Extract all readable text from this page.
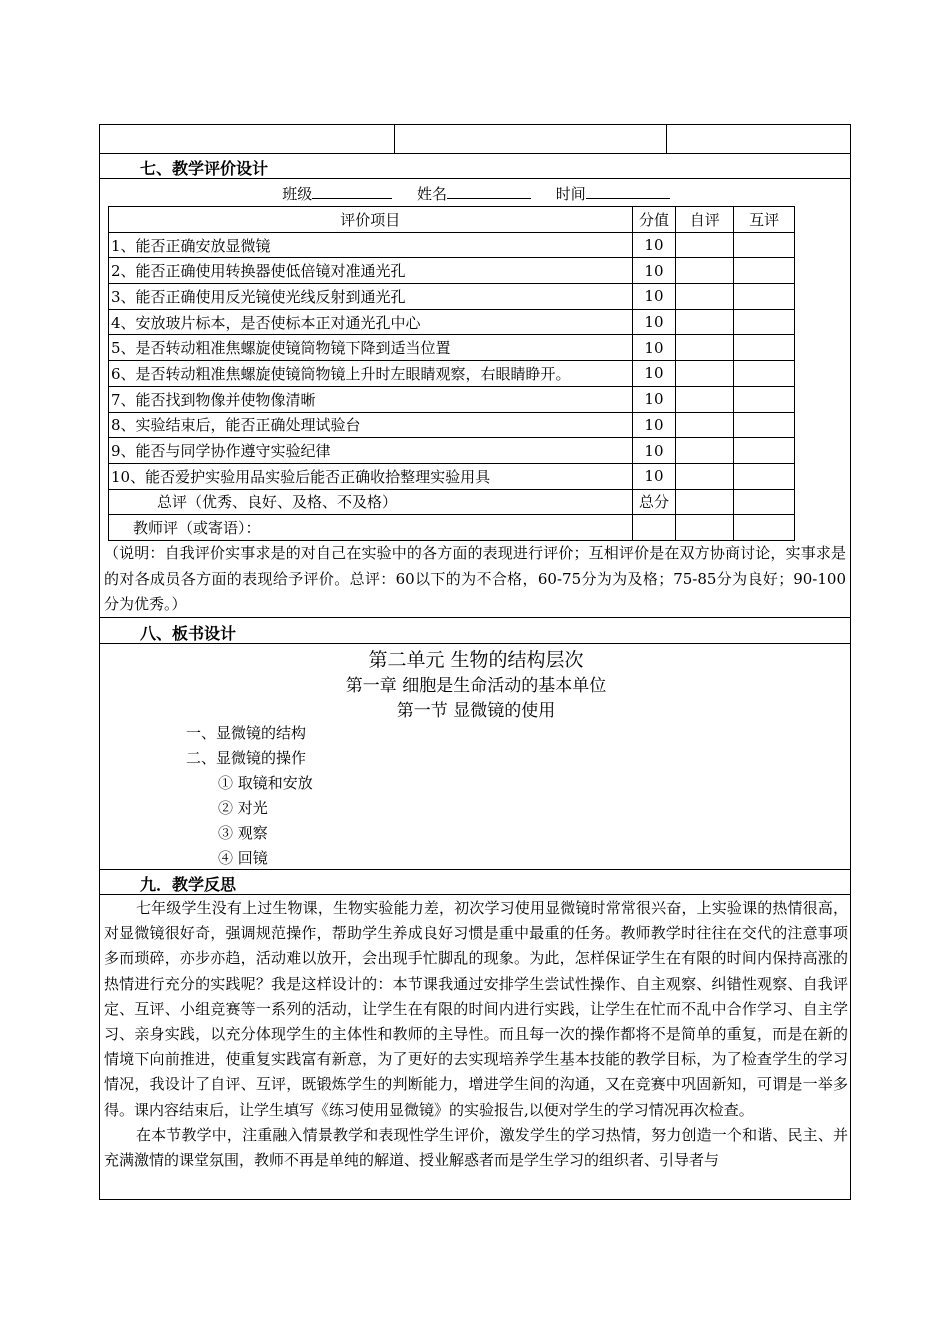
七、教学评价设计
班级	姓名	时间
评价项目	分值	自评	互评
1、能否正确安放显微镜	10		
2、能否正确使用转换器使低倍镜对准通光孔	10		
3、能否正确使用反光镜使光线反射到通光孔	10		
4、安放玻片标本，是否使标本正对通光孔中心	10		
5、是否转动粗准焦螺旋使镜筒物镜下降到适当位置	10		
6、是否转动粗准焦螺旋使镜筒物镜上升时左眼睛观察，右眼睛睁开。	10		
7、能否找到物像并使物像清晰	10		
8、实验结束后，能否正确处理试验台	10		
9、能否与同学协作遵守实验纪律	10		
10、能否爱护实验用品实验后能否正确收拾整理实验用具	10		
总评（优秀、良好、及格、不及格）	总分		
教师评（或寄语）：			
（说明：自我评价实事求是的对自己在实验中的各方面的表现进行评价；互相评价是在双方协商讨论，实事求是的对各成员各方面的表现给予评价。总评：60以下的为不合格，60-75分为为及格；75-85分为良好；90-100分为优秀。）
八、板书设计
第二单元 生物的结构层次
第一章 细胞是生命活动的基本单位
第一节 显微镜的使用
一、显微镜的结构
二、显微镜的操作
① 取镜和安放
② 对光
③ 观察
④ 回镜
九．教学反思

七年级学生没有上过生物课，生物实验能力差，初次学习使用显微镜时常常很兴奋，上实验课的热情很高，对显微镜很好奇，强调规范操作，帮助学生养成良好习惯是重中最重的任务。教师教学时往往在交代的注意事项多而琐碎，亦步亦趋，活动难以放开，会出现手忙脚乱的现象。为此，怎样保证学生在有限的时间内保持高涨的热情进行充分的实践呢？我是这样设计的：本节课我通过安排学生尝试性操作、自主观察、纠错性观察、自我评定、互评、小组竞赛等一系列的活动，让学生在有限的时间内进行实践，让学生在忙而不乱中合作学习、自主学习、亲身实践，以充分体现学生的主体性和教师的主导性。而且每一次的操作都将不是简单的重复，而是在新的情境下向前推进，使重复实践富有新意，为了更好的去实现培养学生基本技能的教学目标，为了检查学生的学习情况，我设计了自评、互评，既锻炼学生的判断能力，增进学生间的沟通，又在竞赛中巩固新知，可谓是一举多得。课内容结束后，让学生填写《练习使用显微镜》的实验报告,以便对学生的学习情况再次检查。

在本节教学中，注重融入情景教学和表现性学生评价，激发学生的学习热情，努力创造一个和谐、民主、并充满激情的课堂氛围，教师不再是单纯的解道、授业解惑者而是学生学习的组织者、引导者与
